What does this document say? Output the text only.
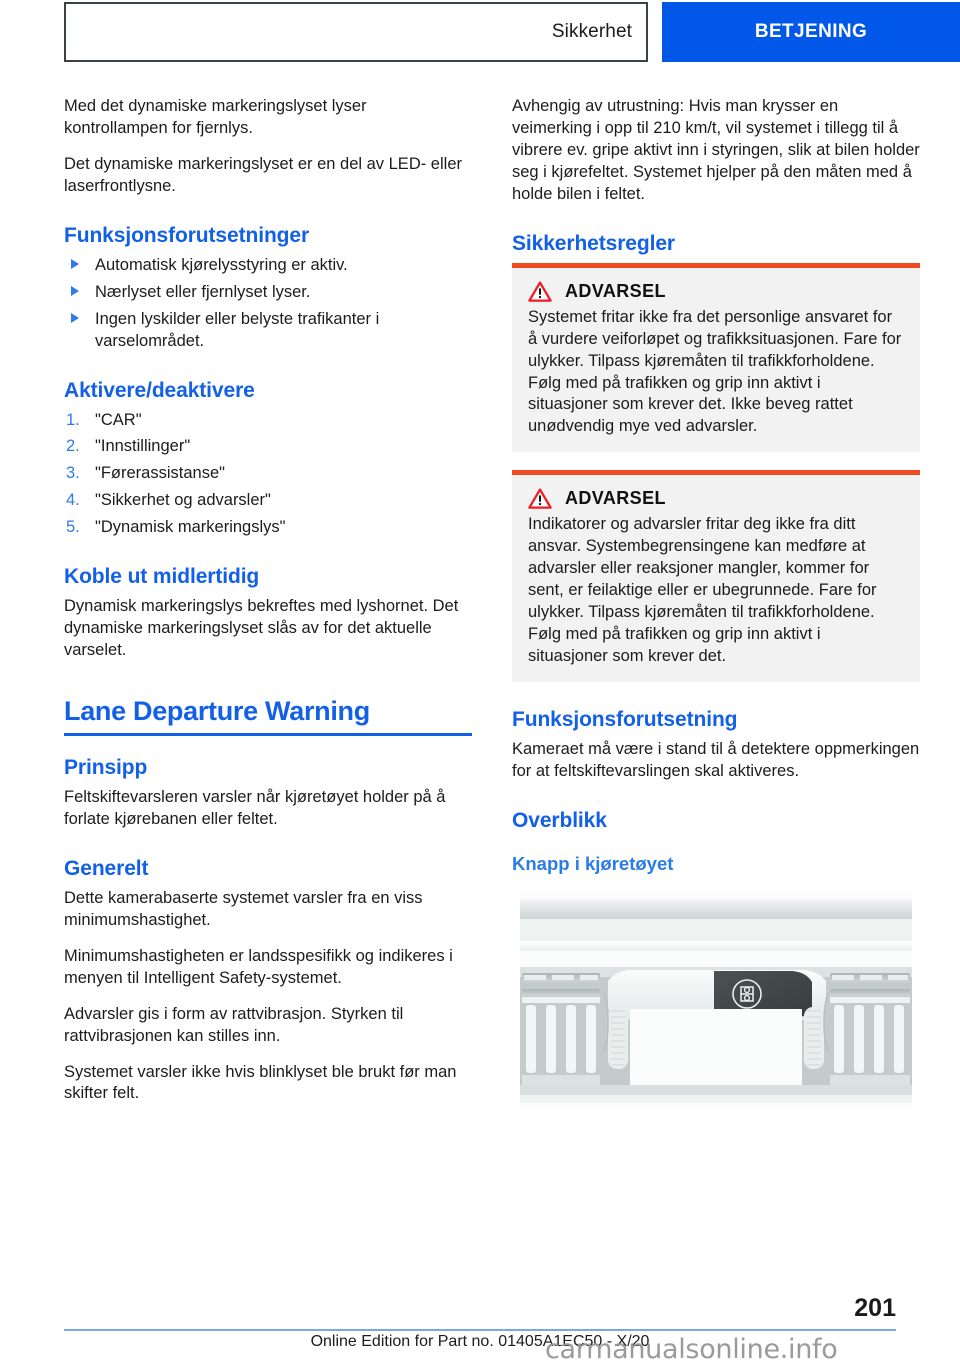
Sikkerhet	BETJENING

Med det dynamiske markeringslyset lyser kontrollampen for fjernlys.

Det dynamiske markeringslyset er en del av LED- eller laserfrontlysne.

Funksjonsforutsetninger
Automatisk kjørelysstyring er aktiv.
Nærlyset eller fjernlyset lyser.
Ingen lyskilder eller belyste trafikanter i varselområdet.
Aktivere/deaktivere
1. "CAR"
2. "Innstillinger"
3. "Førerassistanse"
4. "Sikkerhet og advarsler"
5. "Dynamisk markeringslys"
Koble ut midlertidig

Dynamisk markeringslys bekreftes med lyshornet. Det dynamiske markeringslyset slås av for det aktuelle varselet.

Lane Departure Warning
Prinsipp

Feltskiftevarsleren varsler når kjøretøyet holder på å forlate kjørebanen eller feltet.

Generelt

Dette kamerabaserte systemet varsler fra en viss minimumshastighet.

Minimumshastigheten er landsspesifikk og indikeres i menyen til Intelligent Safety-systemet.

Advarsler gis i form av rattvibrasjon. Styrken til rattvibrasjonen kan stilles inn.

Systemet varsler ikke hvis blinklyset ble brukt før man skifter felt.

Avhengig av utrustning: Hvis man krysser en veimerking i opp til 210 km/t, vil systemet i tillegg til å vibrere ev. gripe aktivt inn i styringen, slik at bilen holder seg i kjørefeltet. Systemet hjelper på den måten med å holde bilen i feltet.

Sikkerhetsregler
ADVARSEL

Systemet fritar ikke fra det personlige ansvaret for å vurdere veiforløpet og trafikksituasjonen. Fare for ulykker. Tilpass kjøremåten til trafikkforholdene. Følg med på trafikken og grip inn aktivt i situasjoner som krever det. Ikke beveg rattet unødvendig mye ved advarsler.

ADVARSEL

Indikatorer og advarsler fritar deg ikke fra ditt ansvar. Systembegrensingene kan medføre at advarsler eller reaksjoner mangler, kommer for sent, er feilaktige eller er ubegrunnede. Fare for ulykker. Tilpass kjøremåten til trafikkforholdene. Følg med på trafikken og grip inn aktivt i situasjoner som krever det.

Funksjonsforutsetning

Kameraet må være i stand til å detektere oppmerkingen for at feltskiftevarslingen skal aktiveres.

Overblikk
Knapp i kjøretøyet
201
Online Edition for Part no. 01405A1EC50 - X/20
carmanualsonline.info
